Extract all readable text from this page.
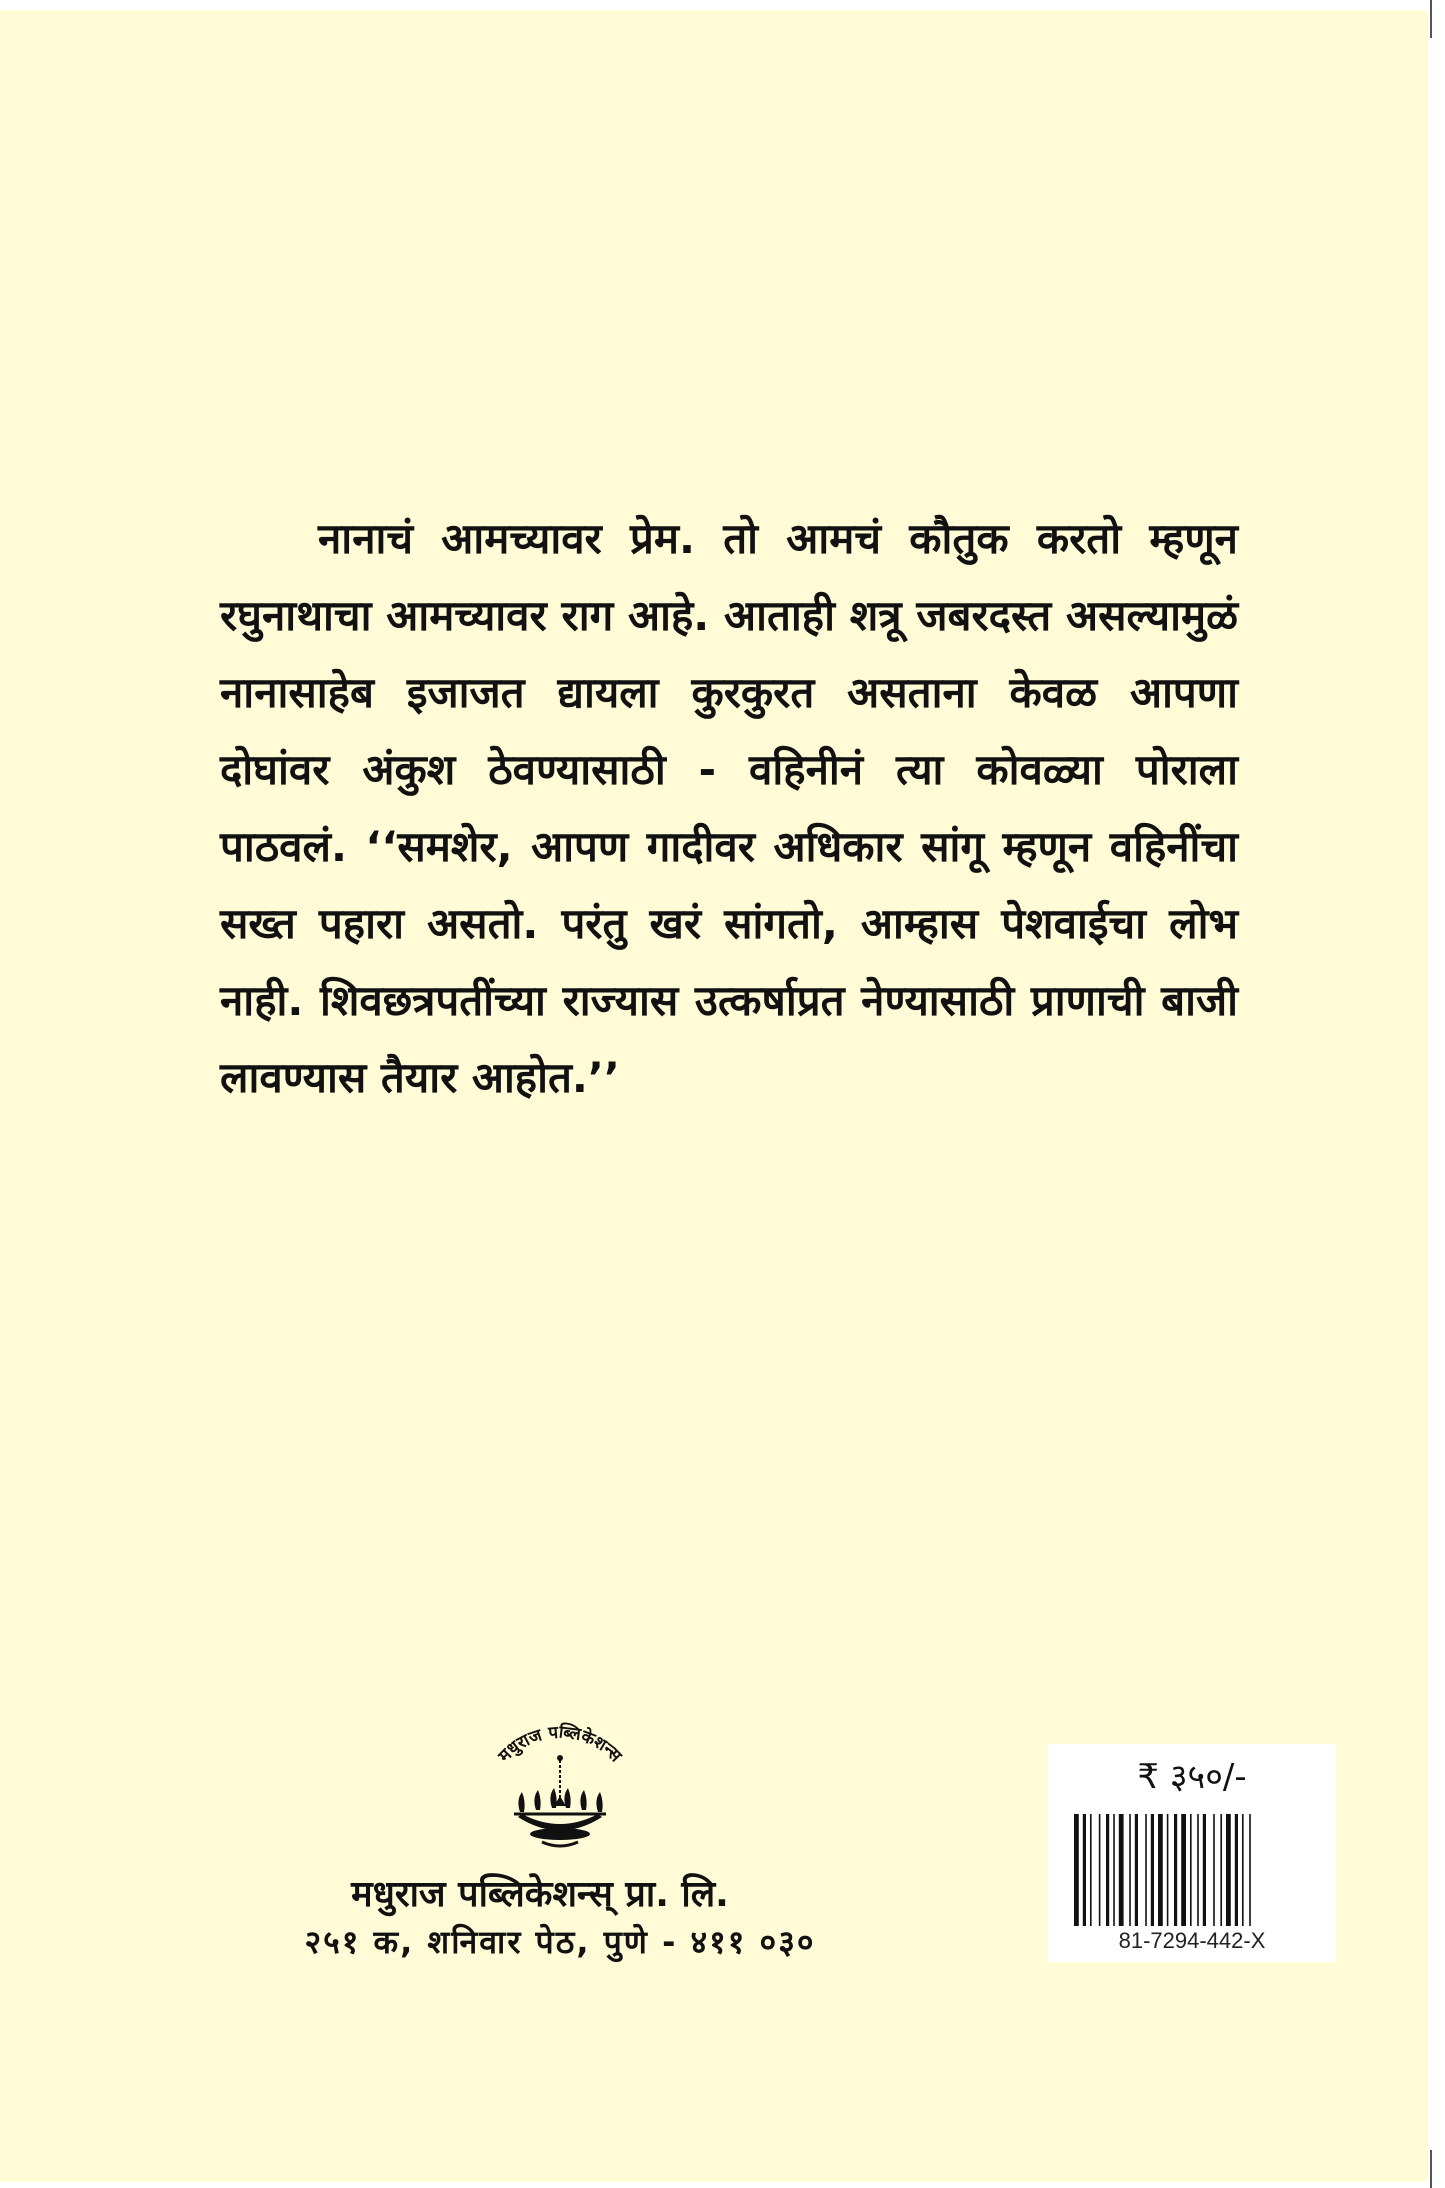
नानाचं आमच्यावर प्रेम. तो आमचं कौतुक करतो म्हणून रघुनाथाचा आमच्यावर राग आहे. आताही शत्रू जबरदस्त असल्यामुळं नानासाहेब इजाजत द्यायला कुरकुरत असताना केवळ आपणा दोघांवर अंकुश ठेवण्यासाठी - वहिनीनं त्या कोवळ्या पोराला पाठवलं. ‘‘समशेर, आपण गादीवर अधिकार सांगू म्हणून वहिनींचा सख्त पहारा असतो. परंतु खरं सांगतो, आम्हास पेशवाईचा लोभ नाही. शिवछत्रपतींच्या राज्यास उत्कर्षाप्रत नेण्यासाठी प्राणाची बाजी लावण्यास तैयार आहोत.’’

मधुराज पब्लिकेशन्स
मधुराज पब्लिकेशन्स् प्रा. लि.
२५१ क, शनिवार पेठ, पुणे - ४११ ०३०
₹ ३५०/-
81-7294-442-X
